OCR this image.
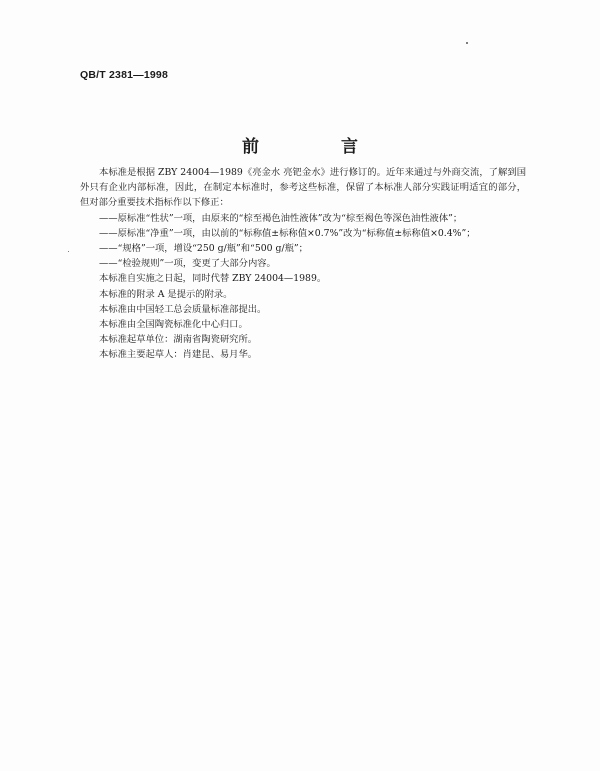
QB/T 2381—1998
前 言

本标准是根据 ZBY 24004—1989《亮金水 亮钯金水》进行修订的。近年来通过与外商交流，了解到国外只有企业内部标准，因此，在制定本标准时，参考这些标准，保留了本标准人部分实践证明适宜的部分，但对部分重要技术指标作以下修正：

——原标准“性状”一项，由原来的“棕至褐色油性液体”改为“棕至褐色等深色油性液体”；

——原标准“净重”一项，由以前的“标称值±标称值×0.7%”改为“标称值±标称值×0.4%”；

——“规格”一项，增设“250 g/瓶”和“500 g/瓶”；

——“检验规则”一项，变更了大部分内容。

本标准自实施之日起，同时代替 ZBY 24004—1989。

本标准的附录 A 是提示的附录。

本标准由中国轻工总会质量标准部提出。

本标准由全国陶瓷标准化中心归口。

本标准起草单位：湖南省陶瓷研究所。

本标准主要起草人：肖建昆、易月华。
